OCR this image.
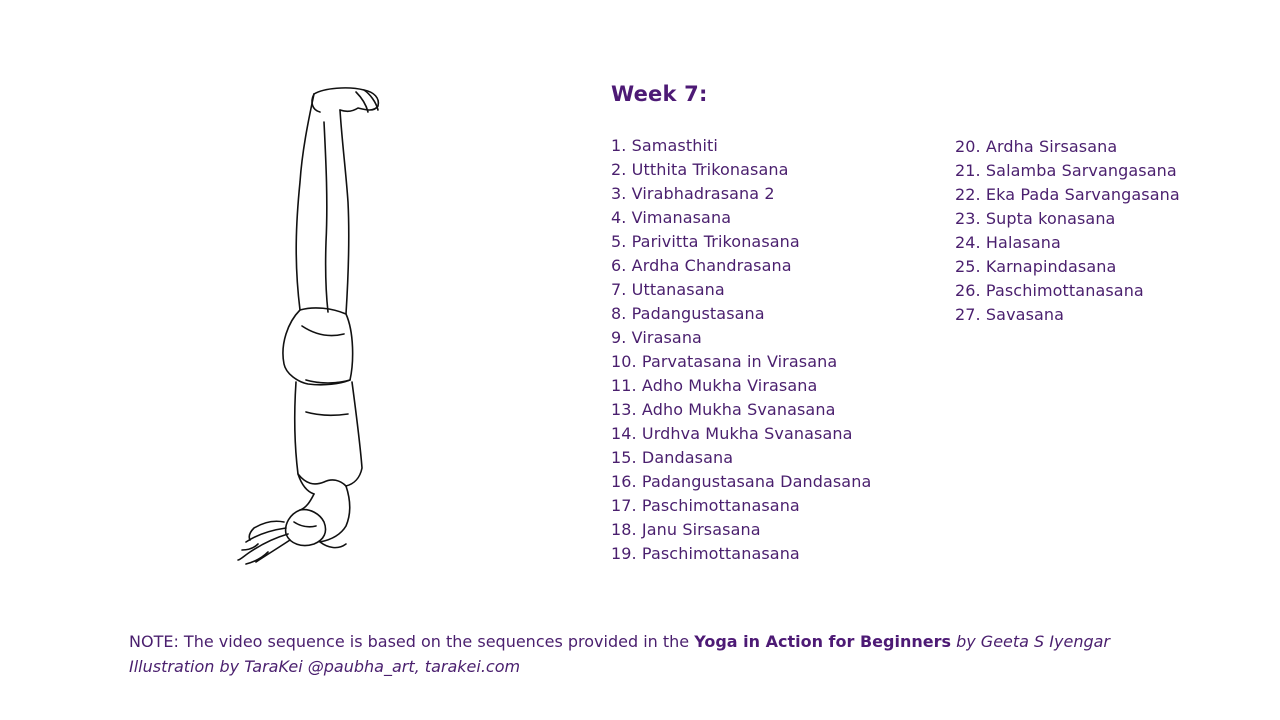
Week 7:
1. Samasthiti
2. Utthita Trikonasana
3. Virabhadrasana 2
4. Vimanasana
5. Parivitta Trikonasana
6. Ardha Chandrasana
7. Uttanasana
8. Padangustasana
9. Virasana
10. Parvatasana in Virasana
11. Adho Mukha Virasana
13. Adho Mukha Svanasana
14. Urdhva Mukha Svanasana
15. Dandasana
16. Padangustasana Dandasana
17. Paschimottanasana
18. Janu Sirsasana
19. Paschimottanasana
20. Ardha Sirsasana
21. Salamba Sarvangasana
22. Eka Pada Sarvangasana
23. Supta konasana
24. Halasana
25. Karnapindasana
26. Paschimottanasana
27. Savasana
NOTE: The video sequence is based on the sequences provided in the Yoga in Action for Beginners by Geeta S Iyengar
Illustration by TaraKei @paubha_art, tarakei.com
